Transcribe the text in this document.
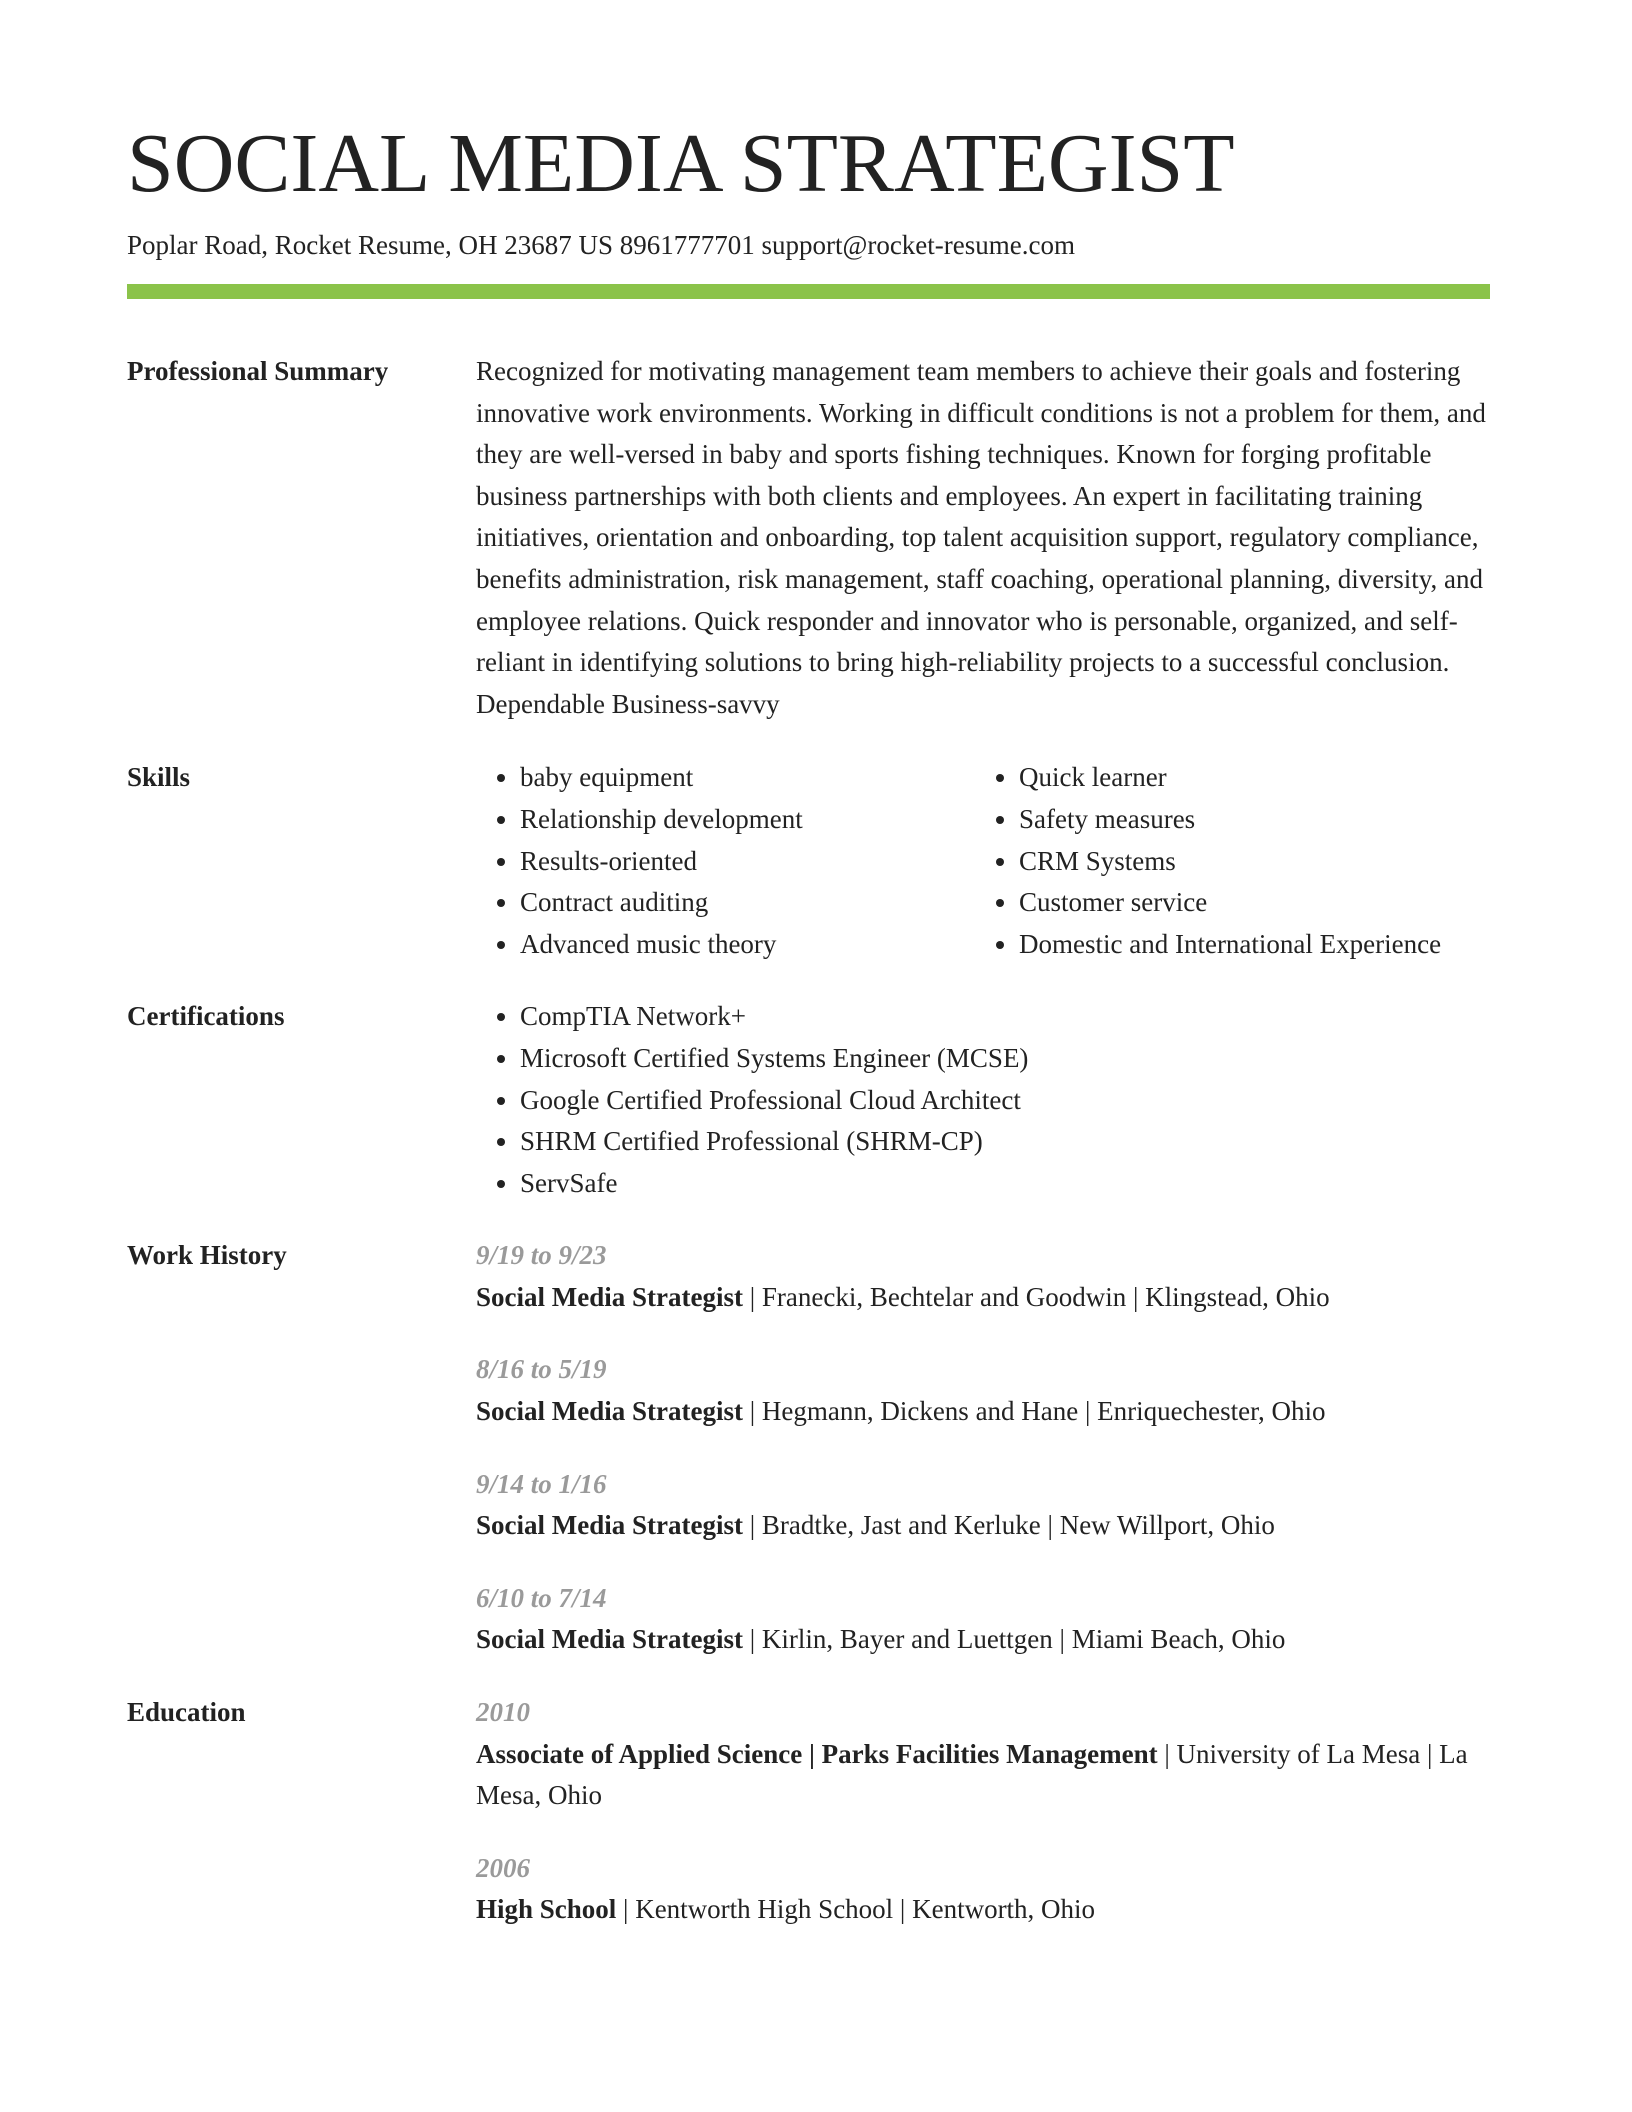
SOCIAL MEDIA STRATEGIST

Poplar Road, Rocket Resume, OH 23687 US 8961777701 support@rocket-resume.com

Professional Summary	Recognized for motivating management team members to achieve their goals and fostering innovative work environments. Working in difficult conditions is not a problem for them, and they are well-versed in baby and sports fishing techniques. Known for forging profitable business partnerships with both clients and employees. An expert in facilitating training initiatives, orientation and onboarding, top talent acquisition support, regulatory compliance, benefits administration, risk management, staff coaching, operational planning, diversity, and employee relations. Quick responder and innovator who is personable, organized, and self-reliant in identifying solutions to bring high-reliability projects to a successful conclusion. Dependable Business-savvy

Skills	• baby equipment
• Relationship development
• Results-oriented
• Contract auditing
• Advanced music theory
• Quick learner
• Safety measures
• CRM Systems
• Customer service
• Domestic and International Experience
Certifications	• CompTIA Network+
• Microsoft Certified Systems Engineer (MCSE)
• Google Certified Professional Cloud Architect
• SHRM Certified Professional (SHRM-CP)
• ServSafe
Work History	9/19 to 9/23
Social Media Strategist | Franecki, Bechtelar and Goodwin | Klingstead, Ohio
8/16 to 5/19
Social Media Strategist | Hegmann, Dickens and Hane | Enriquechester, Ohio
9/14 to 1/16
Social Media Strategist | Bradtke, Jast and Kerluke | New Willport, Ohio
6/10 to 7/14
Social Media Strategist | Kirlin, Bayer and Luettgen | Miami Beach, Ohio
Education	2010
Associate of Applied Science | Parks Facilities Management | University of La Mesa | La Mesa, Ohio
2006
High School | Kentworth High School | Kentworth, Ohio
